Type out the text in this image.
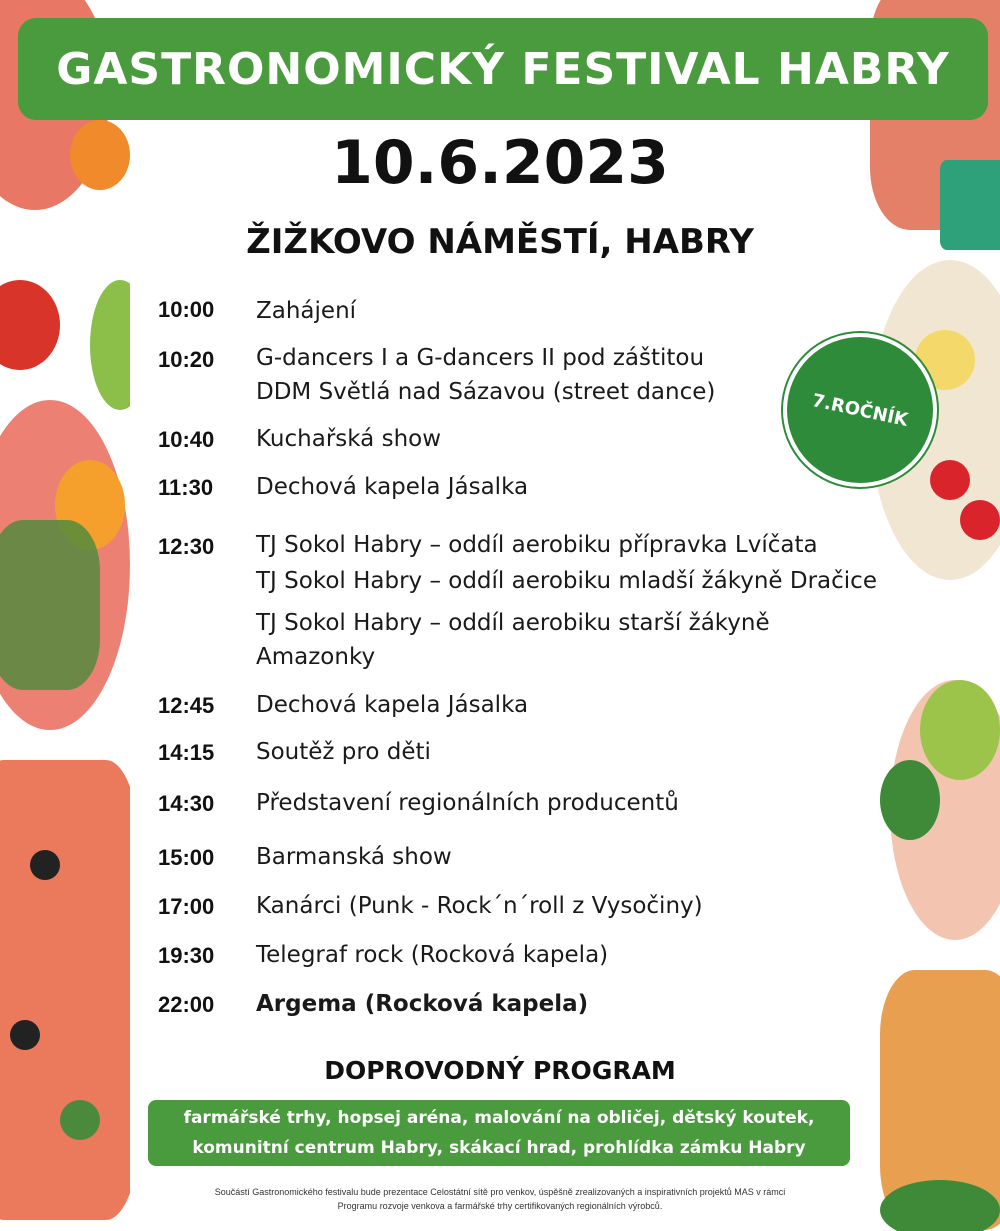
GASTRONOMICKÝ FESTIVAL HABRY
10.6.2023
ŽIŽKOVO NÁMĚSTÍ, HABRY
7.ROČNÍK
10:00 Zahájení
10:20 G-dancers I a G-dancers II pod záštitou
DDM Světlá nad Sázavou (street dance)
10:40 Kuchařská show
11:30 Dechová kapela Jásalka
12:30 TJ Sokol Habry – oddíl aerobiku přípravka Lvíčata
TJ Sokol Habry – oddíl aerobiku mladší žákyně Dračice
TJ Sokol Habry – oddíl aerobiku starší žákyně
Amazonky
12:45 Dechová kapela Jásalka
14:15 Soutěž pro děti
14:30 Představení regionálních producentů
15:00 Barmanská show
17:00 Kanárci (Punk - Rock´n´roll z Vysočiny)
19:30 Telegraf rock (Rocková kapela)
22:00 Argema (Rocková kapela)
DOPROVODNÝ PROGRAM
farmářské trhy, hopsej aréna, malování na obličej, dětský koutek,
komunitní centrum Habry, skákací hrad, prohlídka zámku Habry
Součástí Gastronomického festivalu bude prezentace Celostátní sítě pro venkov, úspěšně zrealizovaných a inspirativních projektů MAS v rámci
Programu rozvoje venkova a farmářské trhy certifikovaných regionálních výrobců.
